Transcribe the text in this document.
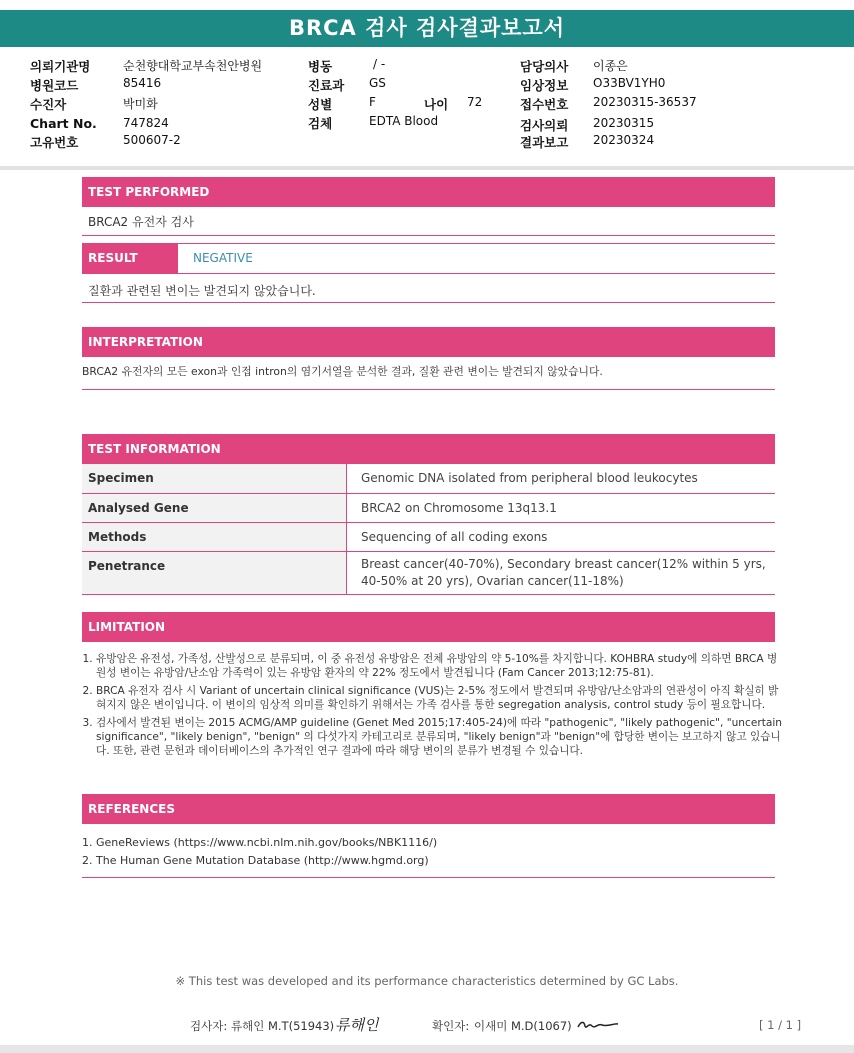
BRCA 검사 검사결과보고서
의뢰기관명	순천향대학교부속천안병원
병원코드	85416
수진자	박미화
Chart No. 747824
고유번호	500607-2
병동	/ -
진료과 GS
성별	F	나이 72
검체	EDTA Blood
담당의사 이종은
임상정보 O33BV1YH0
접수번호 20230315-36537
검사의뢰 20230315
결과보고 20230324
TEST PERFORMED
BRCA2 유전자 검사
RESULT	NEGATIVE
질환과 관련된 변이는 발견되지 않았습니다.
INTERPRETATION
BRCA2 유전자의 모든 exon과 인접 intron의 염기서열을 분석한 결과, 질환 관련 변이는 발견되지 않았습니다.
TEST INFORMATION
Specimen	Genomic DNA isolated from peripheral blood leukocytes
Analysed Gene	BRCA2 on Chromosome 13q13.1
Methods	Sequencing of all coding exons
Penetrance	Breast cancer(40-70%), Secondary breast cancer(12% within 5 yrs, 40-50% at 20 yrs), Ovarian cancer(11-18%)
LIMITATION
1. 유방암은 유전성, 가족성, 산발성으로 분류되며, 이 중 유전성 유방암은 전체 유방암의 약 5-10%를 차지합니다. KOHBRA study에 의하면 BRCA 병원성 변이는 유방암/난소암 가족력이 있는 유방암 환자의 약 22% 정도에서 발견됩니다 (Fam Cancer 2013;12:75-81).
2. BRCA 유전자 검사 시 Variant of uncertain clinical significance (VUS)는 2-5% 정도에서 발견되며 유방암/난소암과의 연관성이 아직 확실히 밝혀지지 않은 변이입니다. 이 변이의 임상적 의미를 확인하기 위해서는 가족 검사를 통한 segregation analysis, control study 등이 필요합니다.
3. 검사에서 발견된 변이는 2015 ACMG/AMP guideline (Genet Med 2015;17:405-24)에 따라 "pathogenic", "likely pathogenic", "uncertain significance", "likely benign", "benign" 의 다섯가지 카테고리로 분류되며, "likely benign"과 "benign"에 합당한 변이는 보고하지 않고 있습니다. 또한, 관련 문헌과 데이터베이스의 추가적인 연구 결과에 따라 해당 변이의 분류가 변경될 수 있습니다.
REFERENCES
1. GeneReviews (https://www.ncbi.nlm.nih.gov/books/NBK1116/)
2. The Human Gene Mutation Database (http://www.hgmd.org)
※ This test was developed and its performance characteristics determined by GC Labs.
검사자: 류해인 M.T(51943) 류해인	확인자: 이새미 M.D(1067)	[ 1 / 1 ]
